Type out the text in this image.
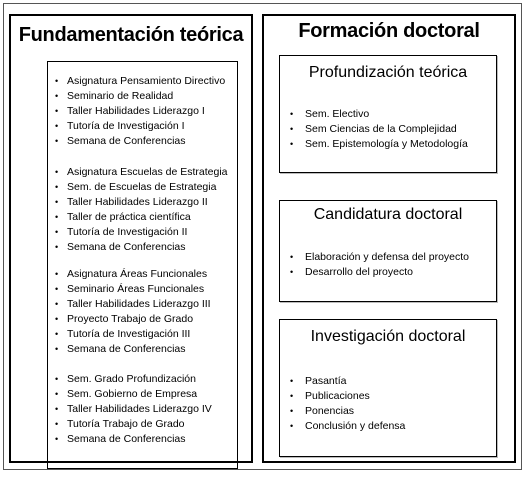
Fundamentación teórica
• Asignatura Pensamiento Directivo
• Seminario de Realidad
• Taller Habilidades Liderazgo I
• Tutoría de Investigación I
• Semana de Conferencias
• Asignatura Escuelas de Estrategia
• Sem. de Escuelas de Estrategia
• Taller Habilidades Liderazgo II
• Taller de práctica científica
• Tutoría de Investigación II
• Semana de Conferencias
• Asignatura Áreas Funcionales
• Seminario Áreas Funcionales
• Taller Habilidades Liderazgo III
• Proyecto Trabajo de Grado
• Tutoría de Investigación III
• Semana de Conferencias
• Sem. Grado Profundización
• Sem. Gobierno de Empresa
• Taller Habilidades Liderazgo IV
• Tutoría Trabajo de Grado
• Semana de Conferencias
Formación doctoral
Profundización teórica
• Sem. Electivo
• Sem Ciencias de la Complejidad
• Sem. Epistemología y Metodología
Candidatura doctoral
• Elaboración y defensa del proyecto
• Desarrollo del proyecto
Investigación doctoral
• Pasantía
• Publicaciones
• Ponencias
• Conclusión y defensa
